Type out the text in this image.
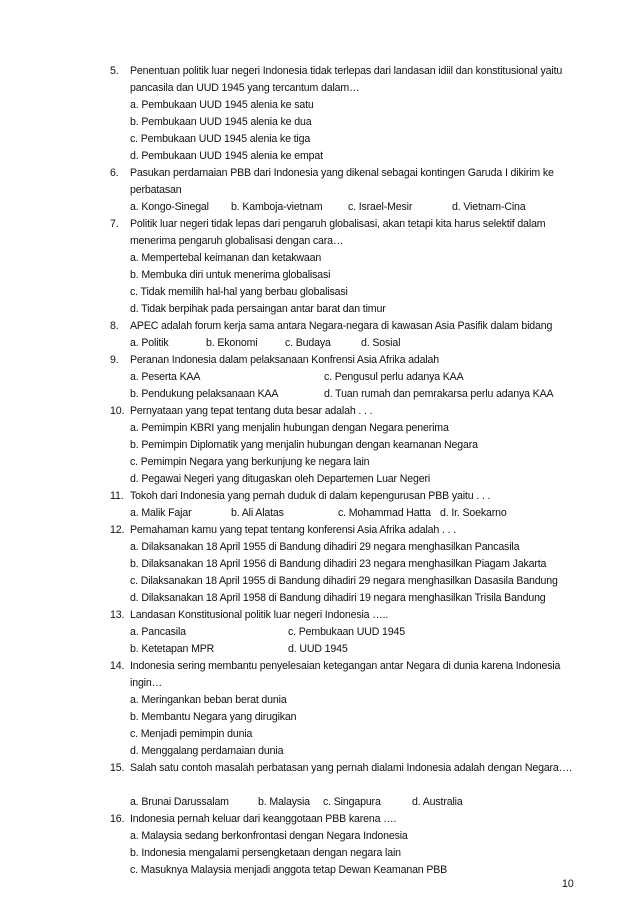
5. Penentuan politik luar negeri Indonesia tidak terlepas dari landasan idiil dan konstitusional yaitu pancasila dan UUD 1945 yang tercantum dalam…
a. Pembukaan UUD 1945 alenia ke satu
b. Pembukaan UUD 1945 alenia ke dua
c. Pembukaan UUD 1945 alenia ke tiga
d. Pembukaan UUD 1945 alenia ke empat
6. Pasukan perdamaian PBB dari Indonesia yang dikenal sebagai kontingen Garuda I dikirim ke perbatasan
a. Kongo-Sinegal b. Kamboja-vietnam c. Israel-Mesir	d. Vietnam-Cina
7. Politik luar negeri tidak lepas dari pengaruh globalisasi, akan tetapi kita harus selektif dalam menerima pengaruh globalisasi dengan cara…
a. Mempertebal keimanan dan ketakwaan
b. Membuka diri untuk menerima globalisasi
c. Tidak memilih hal-hal yang berbau globalisasi
d. Tidak berpihak pada persaingan antar barat dan timur
8. APEC adalah forum kerja sama antara Negara-negara di kawasan Asia Pasifik dalam bidang
a. Politik	b. Ekonomi	c. Budaya	d. Sosial
9. Peranan Indonesia dalam pelaksanaan Konfrensi Asia Afrika adalah
a. Peserta KAA	c. Pengusul perlu adanya KAA
b. Pendukung pelaksanaan KAA	d. Tuan rumah dan pemrakarsa perlu adanya KAA
10. Pernyataan yang tepat tentang duta besar adalah . . .
a. Pemimpin KBRI yang menjalin hubungan dengan Negara penerima
b. Pemimpin Diplomatik yang menjalin hubungan dengan keamanan Negara
c. Pemimpin Negara yang berkunjung ke negara lain
d. Pegawai Negeri yang ditugaskan oleh Departemen Luar Negeri
11. Tokoh dari Indonesia yang pernah duduk di dalam kepengurusan PBB yaitu . . .
a. Malik Fajar	b. Ali Alatas	c. Mohammad Hatta d. Ir. Soekarno
12. Pemahaman kamu yang tepat tentang konferensi Asia Afrika adalah . . .
a. Dilaksanakan 18 April 1955 di Bandung dihadiri 29 negara menghasilkan Pancasila
b. Dilaksanakan 18 April 1956 di Bandung dihadiri 23 negara menghasilkan Piagam Jakarta
c. Dilaksanakan 18 April 1955 di Bandung dihadiri 29 negara menghasilkan Dasasila Bandung
d. Dilaksanakan 18 April 1958 di Bandung dihadiri 19 negara menghasilkan Trisila Bandung
13. Landasan Konstitusional politik luar negeri Indonesia …..
a. Pancasila	c. Pembukaan UUD 1945
b. Ketetapan MPR	d. UUD 1945
14. Indonesia sering membantu penyelesaian ketegangan antar Negara di dunia karena Indonesia ingin…
a. Meringankan beban berat dunia
b. Membantu Negara yang dirugikan
c. Menjadi pemimpin dunia
d. Menggalang perdamaian dunia
15. Salah satu contoh masalah perbatasan yang pernah dialami Indonesia adalah dengan Negara….
a. Brunai Darussalam	b. Malaysia c. Singapura	d. Australia
16. Indonesia pernah keluar dari keanggotaan PBB karena ….
a. Malaysia sedang berkonfrontasi dengan Negara Indonesia
b. Indonesia mengalami persengketaan dengan negara lain
c. Masuknya Malaysia menjadi anggota tetap Dewan Keamanan PBB
10
